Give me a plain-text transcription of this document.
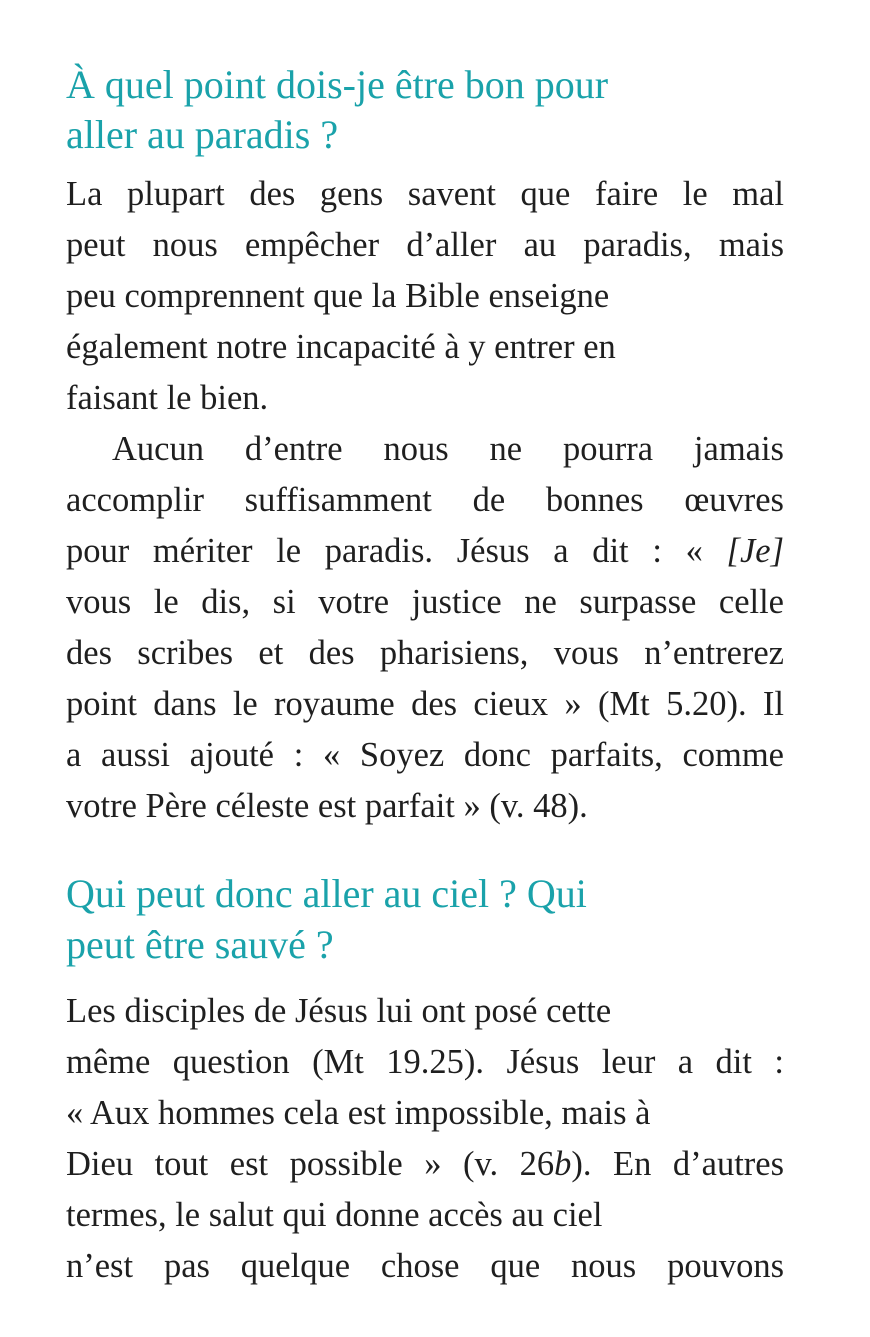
À quel point dois-je être bon pour
aller au paradis ?
La plupart des gens savent que faire le mal
peut nous empêcher d’aller au paradis, mais
peu comprennent que la Bible enseigne
également notre incapacité à y entrer en
faisant le bien.
Aucun d’entre nous ne pourra jamais
accomplir suffisamment de bonnes œuvres
pour mériter le paradis. Jésus a dit : « [Je]
vous le dis, si votre justice ne surpasse celle
des scribes et des pharisiens, vous n’entrerez
point dans le royaume des cieux » (Mt 5.20). Il
a aussi ajouté : « Soyez donc parfaits, comme
votre Père céleste est parfait » (v. 48).
Qui peut donc aller au ciel ? Qui
peut être sauvé ?
Les disciples de Jésus lui ont posé cette
même question (Mt 19.25). Jésus leur a dit :
« Aux hommes cela est impossible, mais à
Dieu tout est possible » (v. 26b). En d’autres
termes, le salut qui donne accès au ciel
n’est pas quelque chose que nous pouvons
